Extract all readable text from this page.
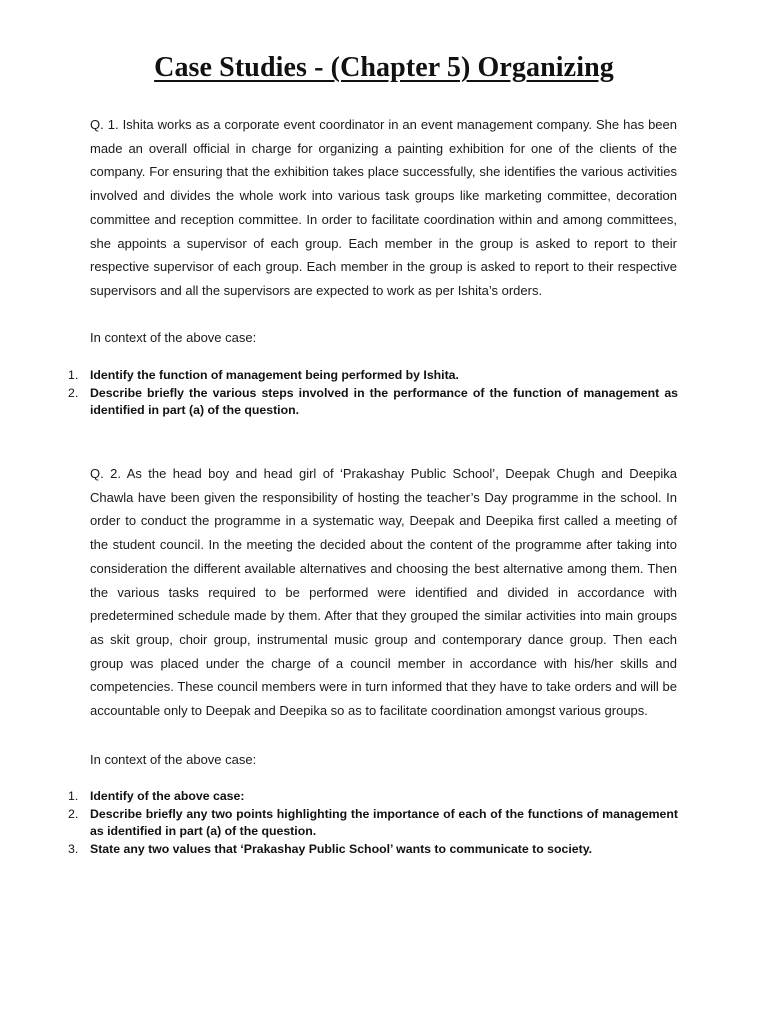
Case Studies - (Chapter 5) Organizing

Q. 1. Ishita works as a corporate event coordinator in an event management company. She has been made an overall official in charge for organizing a painting exhibition for one of the clients of the company. For ensuring that the exhibition takes place successfully, she identifies the various activities involved and divides the whole work into various task groups like marketing committee, decoration committee and reception committee. In order to facilitate coordination within and among committees, she appoints a supervisor of each group. Each member in the group is asked to report to their respective supervisor of each group. Each member in the group is asked to report to their respective supervisors and all the supervisors are expected to work as per Ishita’s orders.

In context of the above case:

1. Identify the function of management being performed by Ishita.
2. Describe briefly the various steps involved in the performance of the function of management as identified in part (a) of the question.

Q. 2. As the head boy and head girl of ‘Prakashay Public School’, Deepak Chugh and Deepika Chawla have been given the responsibility of hosting the teacher’s Day programme in the school. In order to conduct the programme in a systematic way, Deepak and Deepika first called a meeting of the student council. In the meeting the decided about the content of the programme after taking into consideration the different available alternatives and choosing the best alternative among them. Then the various tasks required to be performed were identified and divided in accordance with predetermined schedule made by them. After that they grouped the similar activities into main groups as skit group, choir group, instrumental music group and contemporary dance group. Then each group was placed under the charge of a council member in accordance with his/her skills and competencies. These council members were in turn informed that they have to take orders and will be accountable only to Deepak and Deepika so as to facilitate coordination amongst various groups.

In context of the above case:

1. Identify of the above case:
2. Describe briefly any two points highlighting the importance of each of the functions of management as identified in part (a) of the question.
3. State any two values that ‘Prakashay Public School’ wants to communicate to society.
